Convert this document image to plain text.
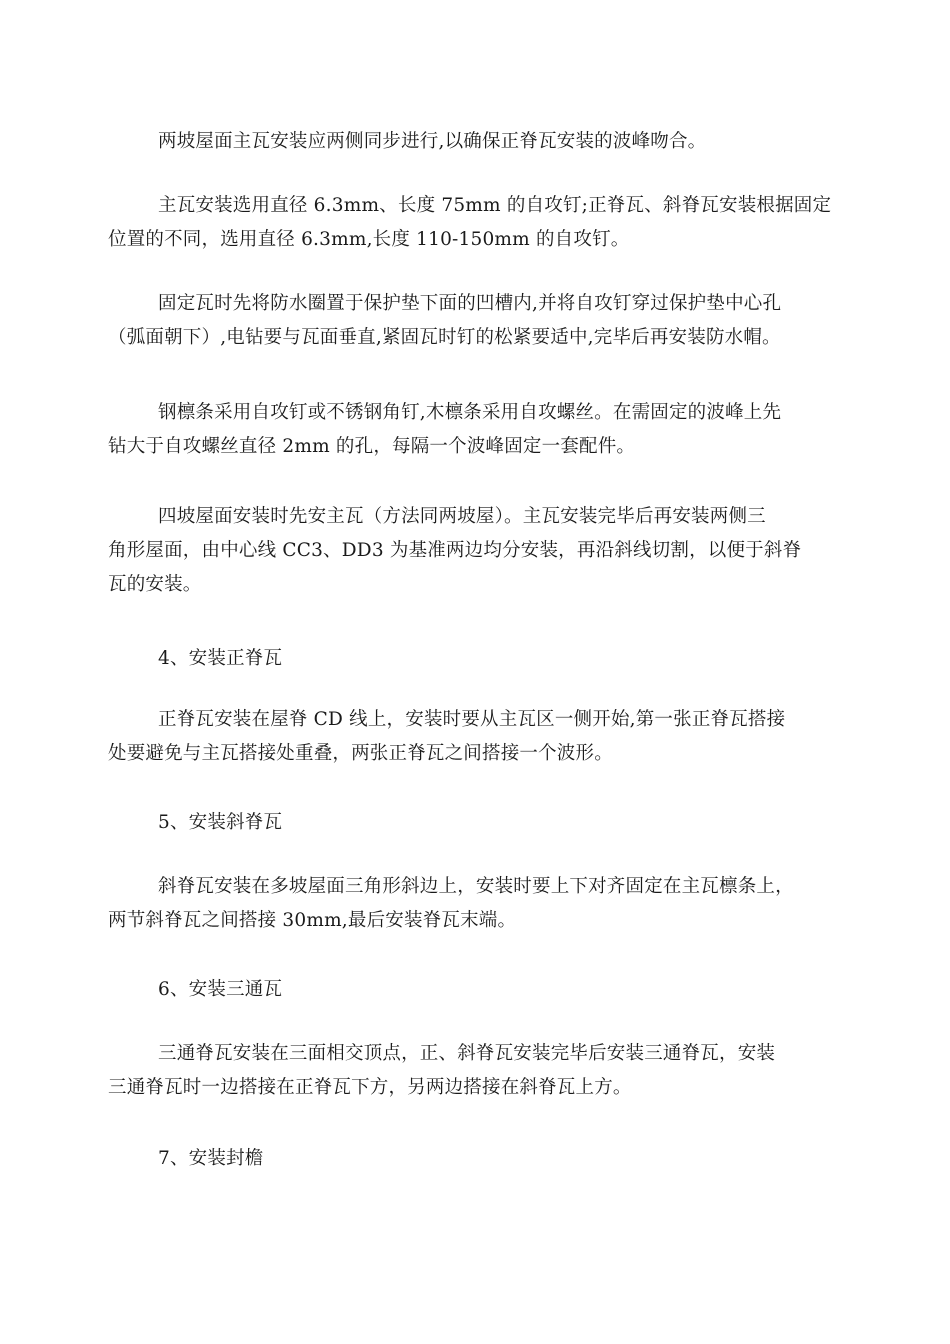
两坡屋面主瓦安装应两侧同步进行,以确保正脊瓦安装的波峰吻合。

主瓦安装选用直径 6.3mm、长度 75mm 的自攻钉;正脊瓦、斜脊瓦安装根据固定
位置的不同，选用直径 6.3mm,长度 110-150mm 的自攻钉。

固定瓦时先将防水圈置于保护垫下面的凹槽内,并将自攻钉穿过保护垫中心孔
（弧面朝下）,电钻要与瓦面垂直,紧固瓦时钉的松紧要适中,完毕后再安装防水帽。

钢檩条采用自攻钉或不锈钢角钉,木檩条采用自攻螺丝。在需固定的波峰上先
钻大于自攻螺丝直径 2mm 的孔，每隔一个波峰固定一套配件。

四坡屋面安装时先安主瓦（方法同两坡屋）。主瓦安装完毕后再安装两侧三
角形屋面，由中心线 CC3、DD3 为基准两边均分安装，再沿斜线切割，以便于斜脊
瓦的安装。

4、安装正脊瓦

正脊瓦安装在屋脊 CD 线上，安装时要从主瓦区一侧开始,第一张正脊瓦搭接
处要避免与主瓦搭接处重叠，两张正脊瓦之间搭接一个波形。

5、安装斜脊瓦

斜脊瓦安装在多坡屋面三角形斜边上，安装时要上下对齐固定在主瓦檩条上，
两节斜脊瓦之间搭接 30mm,最后安装脊瓦末端。

6、安装三通瓦

三通脊瓦安装在三面相交顶点，正、斜脊瓦安装完毕后安装三通脊瓦，安装
三通脊瓦时一边搭接在正脊瓦下方，另两边搭接在斜脊瓦上方。

7、安装封檐
